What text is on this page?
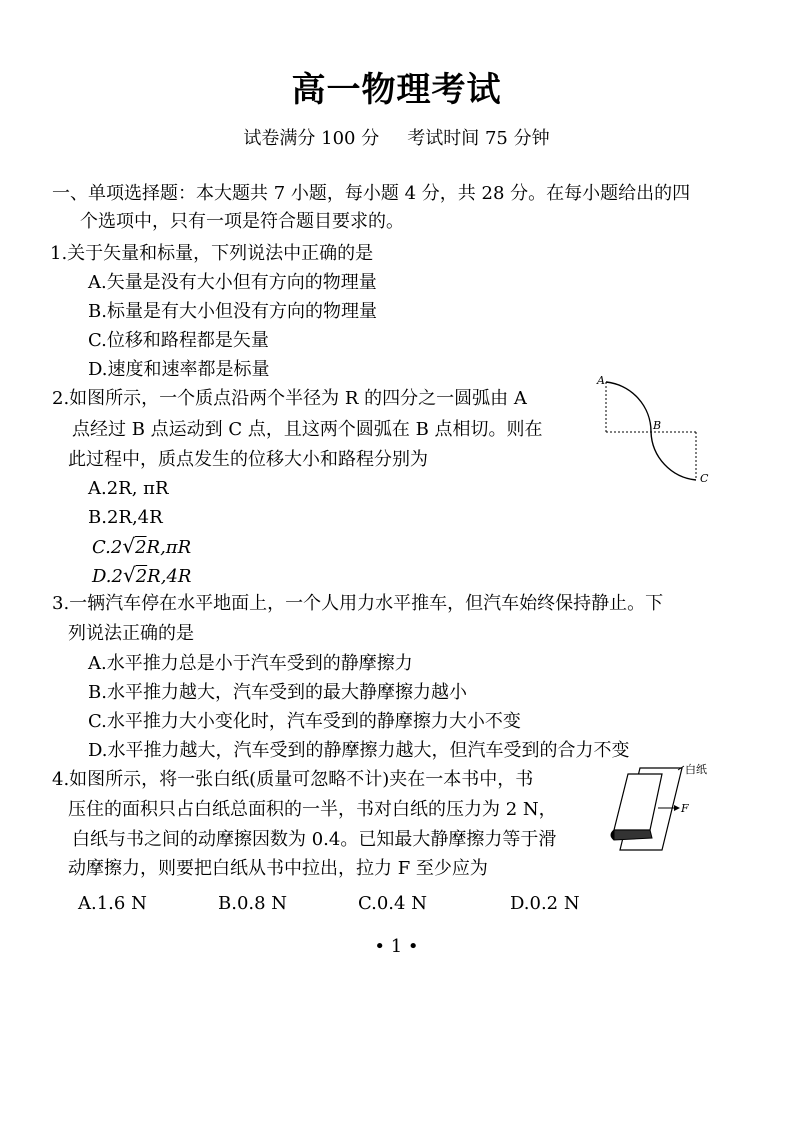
高一物理考试
试卷满分 100 分 考试时间 75 分钟
一、单项选择题：本大题共 7 小题，每小题 4 分，共 28 分。在每小题给出的四
个选项中，只有一项是符合题目要求的。
1.关于矢量和标量，下列说法中正确的是
A.矢量是没有大小但有方向的物理量
B.标量是有大小但没有方向的物理量
C.位移和路程都是矢量
D.速度和速率都是标量
2.如图所示，一个质点沿两个半径为 R 的四分之一圆弧由 A
点经过 B 点运动到 C 点，且这两个圆弧在 B 点相切。则在
此过程中，质点发生的位移大小和路程分别为
A.2R, πR
B.2R,4R
C.2√2R,πR
D.2√2R,4R
A
B
C
3.一辆汽车停在水平地面上，一个人用力水平推车，但汽车始终保持静止。下
列说法正确的是
A.水平推力总是小于汽车受到的静摩擦力
B.水平推力越大，汽车受到的最大静摩擦力越小
C.水平推力大小变化时，汽车受到的静摩擦力大小不变
D.水平推力越大，汽车受到的静摩擦力越大，但汽车受到的合力不变
4.如图所示，将一张白纸(质量可忽略不计)夹在一本书中，书
压住的面积只占白纸总面积的一半，书对白纸的压力为 2 N，
白纸与书之间的动摩擦因数为 0.4。已知最大静摩擦力等于滑
动摩擦力，则要把白纸从书中拉出，拉力 F 至少应为
A.1.6 N	B.0.8 N	C.0.4 N	D.0.2 N
白纸
F
• 1 •
